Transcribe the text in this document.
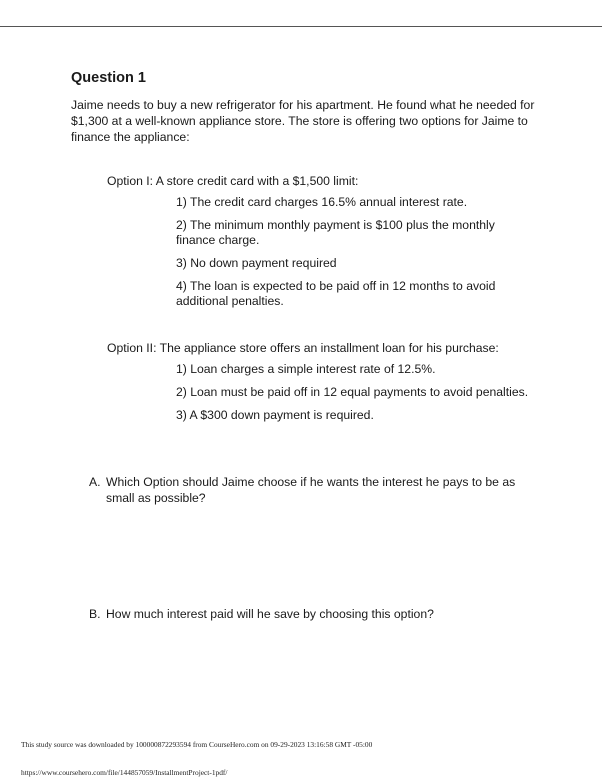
Question 1

Jaime needs to buy a new refrigerator for his apartment. He found what he needed for $1,300 at a well-known appliance store. The store is offering two options for Jaime to finance the appliance:

Option I: A store credit card with a $1,500 limit:

1) The credit card charges 16.5% annual interest rate.

2) The minimum monthly payment is $100 plus the monthly finance charge.

3) No down payment required

4) The loan is expected to be paid off in 12 months to avoid additional penalties.

Option II: The appliance store offers an installment loan for his purchase:

1) Loan charges a simple interest rate of 12.5%.

2) Loan must be paid off in 12 equal payments to avoid penalties.

3) A $300 down payment is required.

A. Which Option should Jaime choose if he wants the interest he pays to be as small as possible?
B. How much interest paid will he save by choosing this option?

This study source was downloaded by 100000872293594 from CourseHero.com on 09-29-2023 13:16:58 GMT -05:00

https://www.coursehero.com/file/144857059/InstallmentProject-1pdf/
